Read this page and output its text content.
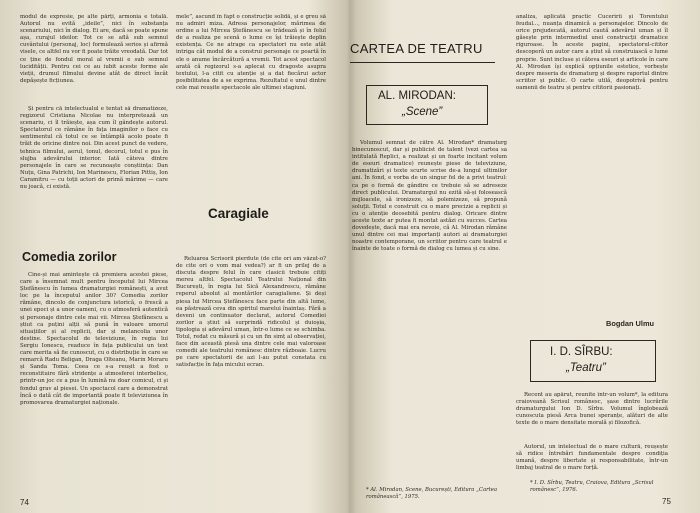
modul de expresie, pe alte părți, armonia e totală. Autorul nu evită „ideile”, nici în substanța scenariului, nici în dialog. Ei are, dacă se poate spune așa, curajul ideilor. Tot ce se află sub semnul cuvântului (personaj, loc) formulează serios și afirmă visele, ce altfel nu vor fi poate trăite vreodată. Dar tot ce ține de fondul moral al vremii e sub semnul lucidității. Pentru cei ce au iubit aceste forme ale vieții, drumul filmului devine atât de direct încât depășește ficțiunea.

Și pentru că intelectualul e tentat să dramatizeze, regizorul Cristiana Nicolae nu interpretează un scenariu, ci îl trăiește, așa cum îl gândește autorul. Spectatorul ce rămâne în fața imaginilor o face cu sentimentul că totul ce se întâmplă acolo poate fi trăit de oricine dintre noi. Din acest punct de vedere, tehnica filmului, aerul, tonul, decorul, totul e pus în slujba adevărului interior. Iată câteva dintre personajele în care se recunoaște conștiința: Dan Nuțu, Gina Patrichi, Ion Marinescu, Florian Pittiș, Ion Caramitru — cu toții actori de primă mărime — care nu joacă, ci există.

Comedia zorilor

Cine-și mai amintește că premiera acestei piese, care a însemnat mult pentru începutul lui Mircea Ștefănescu în lumea dramaturgiei românești, a avut loc pe la începutul anilor 30? Comedia zorilor rămâne, dincolo de conjunctura istorică, o frescă a unei epoci și a unor oameni, cu o atmosferă autentică și personaje dintre cele mai vii. Mircea Ștefănescu a știut ca puțini alții să pună în valoare umorul situațiilor și al replicii, dar și melancolia unor destine. Spectacolul de televiziune, în regia lui Sergiu Ionescu, readuce în fața publicului un text care merita să fie cunoscut, cu o distribuție în care se remarcă Radu Beligan, Draga Olteanu, Marin Moraru și Sanda Toma. Ceea ce s-a reușit a fost o reconstituire fără stridențe a atmosferei interbelice, printr-un joc ce a pus în lumină nu doar comicul, ci și fondul grav al piesei. Un spectacol care a demonstrat încă o dată cât de importantă poate fi televiziunea în promovarea dramaturgiei naționale.

mele”, ascund în fapt o construcție solidă, și e greu să nu admiri miza. Adresa personajelor, mărimea de ordine a lui Mircea Ștefănescu se trădează și în felul de a realiza pe scenă o lume ce își trăiește deplin existența. Ce ne atrage ca spectatori nu este atât intriga cât modul de a construi personaje ce poartă în ele o anume încărcătură a vremii. Tot acest spectacol arată că regizorul s-a aplecat cu dragoste asupra textului, l-a citit cu atenție și a dat fiecărui actor posibilitatea de a se exprima. Rezultatul e unul dintre cele mai reușite spectacole ale ultimei stagiuni.

Caragiale

Reluarea Scrisorii pierdute (de cite ori am văzut-o? de cite ori o vom mai vedea?) ar fi un prilej de a discuta despre felul în care clasicii trebuie citiți mereu altfel. Spectacolul Teatrului Național din București, în regia lui Sică Alexandrescu, rămâne reperul absolut al montărilor caragialiene. Și deși piesa lui Mircea Ștefănescu face parte din altă lume, ea păstrează ceva din spiritul marelui înaintaș. Fără a deveni un continuator declarat, autorul Comediei zorilor a știut să surprindă ridicolul și duioșia, tipologia și adevărul uman, într-o lume ce se schimba. Totul, redat cu măsură și cu un fin simț al observației, face din această piesă una dintre cele mai valoroase comedii ale teatrului românesc dintre războaie. Lucru pe care spectatorii de azi l-au putut constata cu satisfacție în fața micului ecran.

74
CARTEA DE TEATRU
AL. MIRODAN:
„Scene”

Volumul semnat de către Al. Mirodan* dramaturg binecunoscut, dar și publicist de talent (vezi cartea sa intitulată Replici, a realizat și un foarte incitant volum de eseuri dramatice) reunește piese de televiziune, dramatizări și texte scurte scrise de-a lungul ultimilor ani. În fond, e vorba de un singur fel de a privi teatrul: ca pe o formă de gândire ce trebuie să se adreseze direct publicului. Dramaturgul nu ezită să-și folosească mijloacele, să ironizeze, să polemizeze, să propună soluții. Totul e construit cu o mare precizie a replicii și cu o atenție deosebită pentru dialog. Oricare dintre aceste texte ar putea fi montat astăzi cu succes. Cartea dovedește, dacă mai era nevoie, că Al. Mirodan rămâne unul dintre cei mai importanți autori ai dramaturgiei noastre contemporane, un scriitor pentru care teatrul e înainte de toate o formă de dialog cu lumea și cu sine.

* Al. Mirodan, Scene, București, Editura „Cartea românească”, 1975.

analiza, aplicată practic Cuceririi și Torentului feudal..., nuanța dinamică a personajelor. Dincolo de orice prejudecată, autorul caută adevărul uman și îl găsește prin intermediul unei construcții dramatice riguroase. În aceste pagini, spectatorul-cititor descoperă un autor care a știut să construiască o lume proprie. Sunt incluse și câteva eseuri și articole în care Al. Mirodan își explică opțiunile estetice, vorbește despre meseria de dramaturg și despre raportul dintre scriitor și public. O carte utilă, deopotrivă pentru oamenii de teatru și pentru cititorii pasionați.

Bogdan Ulmu
I. D. SÎRBU:
„Teatru”

Recent au apărut, reunite într-un volum*, la editura craioveană Scrisul românesc, șase dintre lucrările dramaturgului Ion D. Sîrbu. Volumul înglobează cunoscuta piesă Arca bunei speranțe, alături de alte texte de o mare densitate morală și filozofică.

Autorul, un intelectual de o mare cultură, reușește să ridice întrebări fundamentale despre condiția umană, despre libertate și responsabilitate, într-un limbaj teatral de o mare forță.

* I. D. Sîrbu, Teatru, Craiova, Editura „Scrisul românesc”, 1976.
75
